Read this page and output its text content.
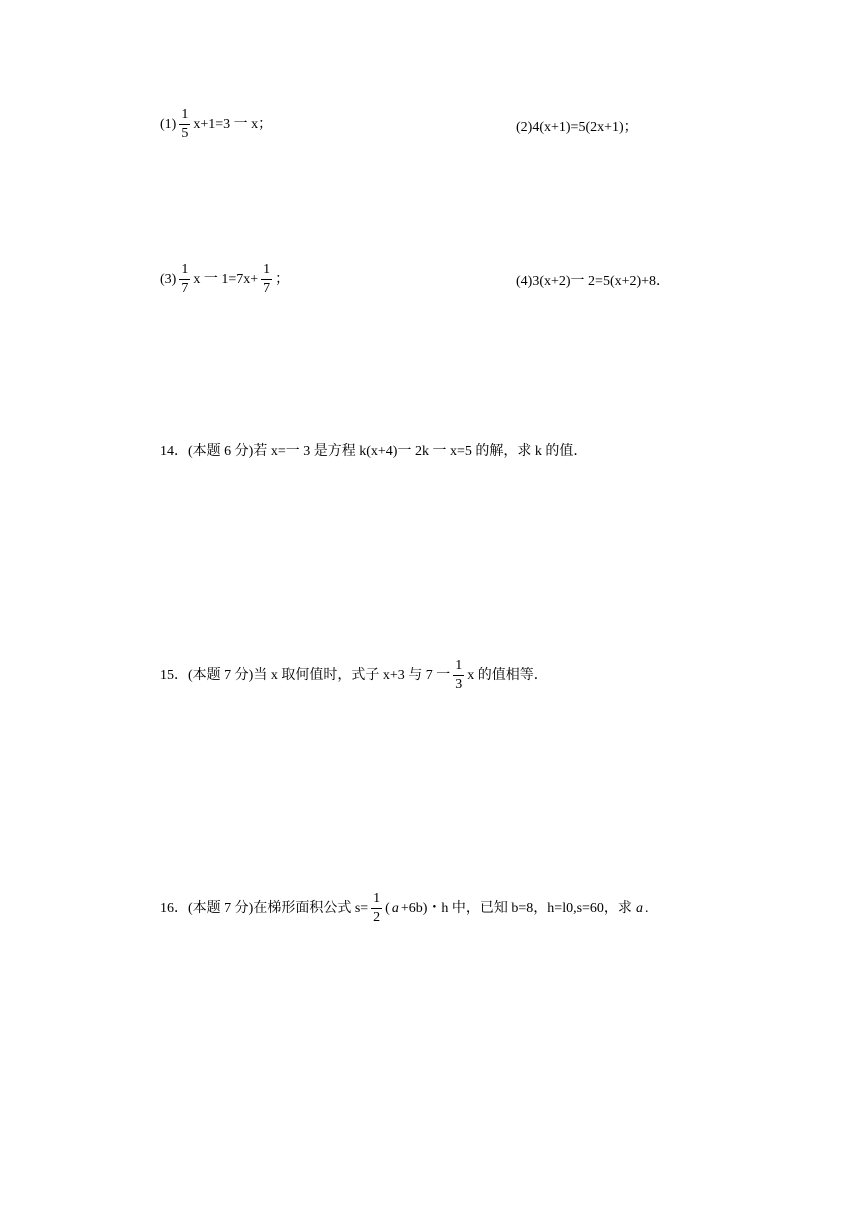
$(1) \frac{1}{5} x+1=3$ 一 x；	(2)4(x+1)=5(2x+1)；
$(3) \frac{1}{7}$ x 一 $1=7x+ \frac{1}{7}$ ；	(4)3(x+2)一 2=5(x+2)+8．
14．(本题 6 分)若 x=一 3 是方程 k(x+4)一 2k 一 x=5 的解，求 k 的值．
15．(本题 7 分)当 x 取何值时，式子 x+3 与 7 一 $\frac{1}{3}$ x 的值相等．
16．(本题 7 分)在梯形面积公式 $s= \frac{1}{2}$ ( a +6b)・h 中，已知 b=8，h=l0,s=60，求 a .
